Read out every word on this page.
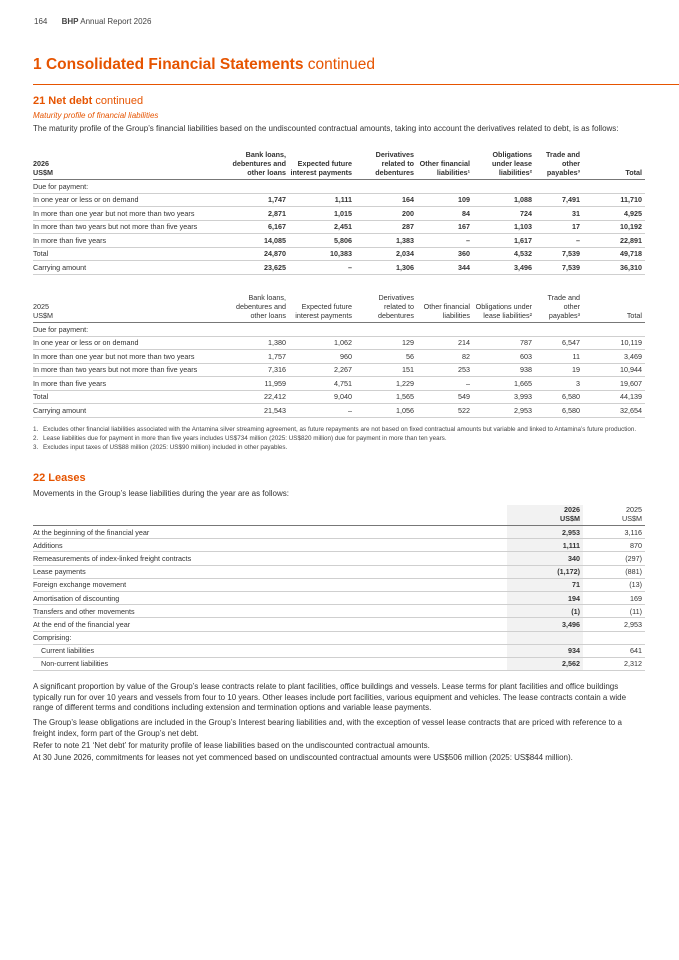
164 BHP Annual Report 2026
1 Consolidated Financial Statements continued
21 Net debt continued
Maturity profile of financial liabilities
The maturity profile of the Group’s financial liabilities based on the undiscounted contractual amounts, taking into account the derivatives related to debt, is as follows:
2026
US$M	Bank loans, debentures and other loans	Expected future interest payments	Derivatives related to debentures	Other financial liabilities¹	Obligations under lease liabilities²	Trade and other payables³	Total
Due for payment:							
In one year or less or on demand	1,747	1,111	164	109	1,088	7,491	11,710
In more than one year but not more than two years	2,871	1,015	200	84	724	31	4,925
In more than two years but not more than five years	6,167	2,451	287	167	1,103	17	10,192
In more than five years	14,085	5,806	1,383	–	1,617	–	22,891
Total	24,870	10,383	2,034	360	4,532	7,539	49,718
Carrying amount	23,625	–	1,306	344	3,496	7,539	36,310
2025
US$M	Bank loans, debentures and other loans	Expected future interest payments	Derivatives related to debentures	Other financial liabilities	Obligations under lease liabilities²	Trade and other payables³	Total
Due for payment:							
In one year or less or on demand	1,380	1,062	129	214	787	6,547	10,119
In more than one year but not more than two years	1,757	960	56	82	603	11	3,469
In more than two years but not more than five years	7,316	2,267	151	253	938	19	10,944
In more than five years	11,959	4,751	1,229	–	1,665	3	19,607
Total	22,412	9,040	1,565	549	3,993	6,580	44,139
Carrying amount	21,543	–	1,056	522	2,953	6,580	32,654
1. Excludes other financial liabilities associated with the Antamina silver streaming agreement, as future repayments are not based on fixed contractual amounts but variable and linked to Antamina’s future production.
2. Lease liabilities due for payment in more than five years includes US$734 million (2025: US$820 million) due for payment in more than ten years.
3. Excludes input taxes of US$88 million (2025: US$90 million) included in other payables.
22 Leases
Movements in the Group’s lease liabilities during the year are as follows:
	2026
US$M	2025
US$M
At the beginning of the financial year	2,953	3,116
Additions	1,111	870
Remeasurements of index-linked freight contracts	340	(297)
Lease payments	(1,172)	(881)
Foreign exchange movement	71	(13)
Amortisation of discounting	194	169
Transfers and other movements	(1)	(11)
At the end of the financial year	3,496	2,953
Comprising:		
Current liabilities	934	641
Non-current liabilities	2,562	2,312
A significant proportion by value of the Group’s lease contracts relate to plant facilities, office buildings and vessels. Lease terms for plant facilities and office buildings typically run for over 10 years and vessels from four to 10 years. Other leases include port facilities, various equipment and vehicles. The lease contracts contain a wide range of different terms and conditions including extension and termination options and variable lease payments.
The Group’s lease obligations are included in the Group’s Interest bearing liabilities and, with the exception of vessel lease contracts that are priced with reference to a freight index, form part of the Group’s net debt.
Refer to note 21 ‘Net debt’ for maturity profile of lease liabilities based on the undiscounted contractual amounts.
At 30 June 2026, commitments for leases not yet commenced based on undiscounted contractual amounts were US$506 million (2025: US$844 million).
